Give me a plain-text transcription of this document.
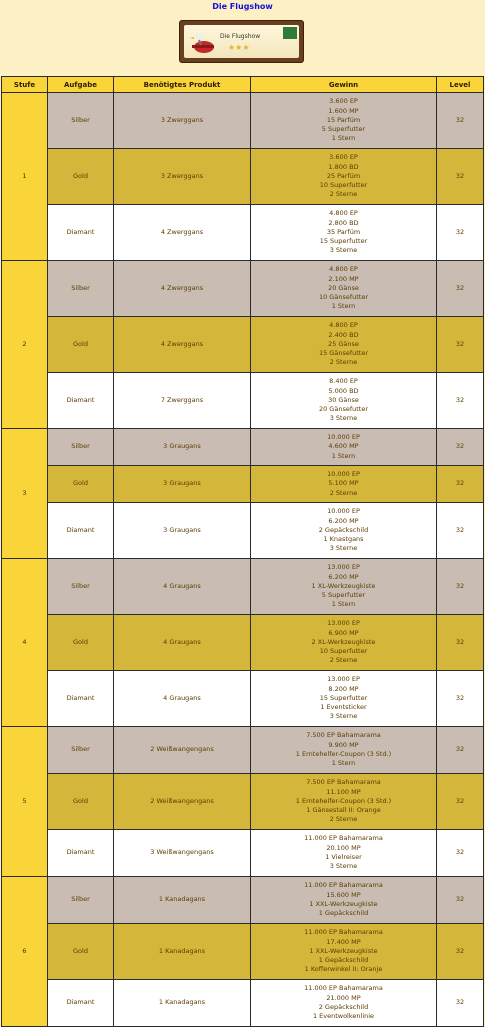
Die Flugshow
Die Flugshow
★★★
Stufe	Aufgabe	Benötigtes Produkt	Gewinn	Level
1	Silber	3 Zwerggans	3.600 EP
1.600 MP
15 Parfüm
5 Superfutter
1 Stern	32
	Gold	3 Zwerggans	3.600 EP
1.800 BD
25 Parfüm
10 Superfutter
2 Sterne	32
	Diamant	4 Zwerggans	4.800 EP
2.800 BD
35 Parfüm
15 Superfutter
3 Sterne	32
2	Silber	4 Zwerggans	4.800 EP
2.100 MP
20 Gänse
10 Gänsefutter
1 Stern	32
	Gold	4 Zwerggans	4.800 EP
2.400 BD
25 Gänse
15 Gänsefutter
2 Sterne	32
	Diamant	7 Zwerggans	8.400 EP
5.000 BD
30 Gänse
20 Gänsefutter
3 Sterne	32
3	Silber	3 Graugans	10.000 EP
4.600 MP
1 Stern	32
	Gold	3 Graugans	10.000 EP
5.100 MP
2 Sterne	32
	Diamant	3 Graugans	10.000 EP
6.200 MP
2 Gepäckschild
1 Knastgans
3 Sterne	32
4	Silber	4 Graugans	13.000 EP
6.200 MP
1 XL-Werkzeugkiste
5 Superfutter
1 Stern	32
	Gold	4 Graugans	13.000 EP
6.900 MP
2 XL-Werkzeugkiste
10 Superfutter
2 Sterne	32
	Diamant	4 Graugans	13.000 EP
8.200 MP
15 Superfutter
1 Eventsticker
3 Sterne	32
5	Silber	2 Weißwangengans	7.500 EP Bahamarama
9.900 MP
1 Erntehelfer-Coupon (3 Std.)
1 Stern	32
	Gold	2 Weißwangengans	7.500 EP Bahamarama
11.100 MP
1 Erntehelfer-Coupon (3 Std.)
1 Gänsestall II: Orange
2 Sterne	32
	Diamant	3 Weißwangengans	11.000 EP Bahamarama
20.100 MP
1 Vielreiser
3 Sterne	32
6	Silber	1 Kanadagans	11.000 EP Bahamarama
15.600 MP
1 XXL-Werkzeugkiste
1 Gepäckschild	32
	Gold	1 Kanadagans	11.000 EP Bahamarama
17.400 MP
1 XXL-Werkzeugkiste
1 Gepäckschild
1 Kofferwinkel II: Oranje	32
	Diamant	1 Kanadagans	11.000 EP Bahamarama
21.000 MP
2 Gepäckschild
1 Eventwolkenlinie	32
